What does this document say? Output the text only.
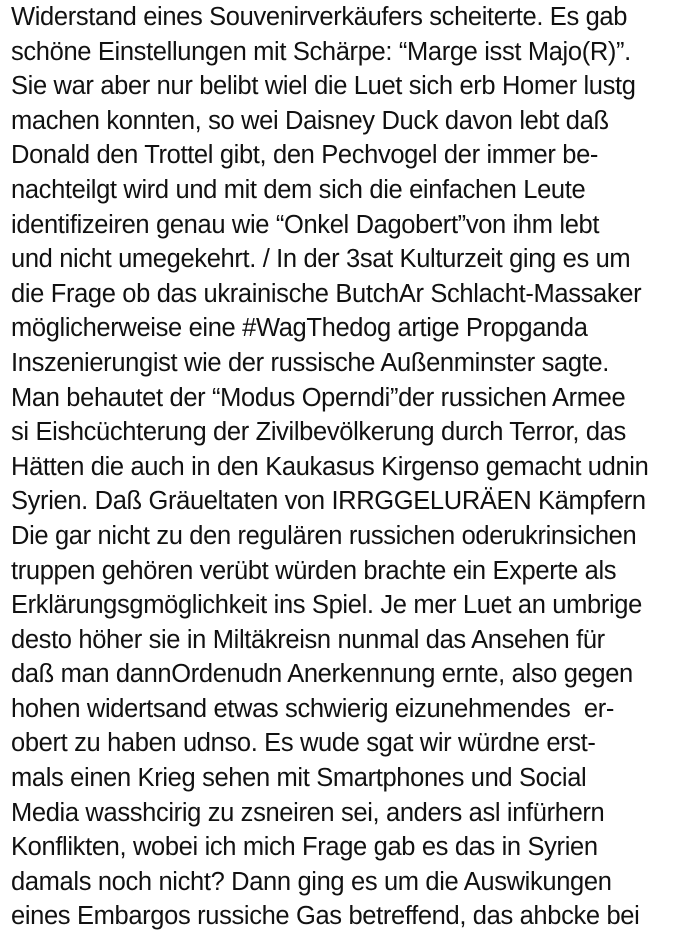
Widerstand eines Souvenirverkäufers scheiterte. Es gab
schöne Einstellungen mit Schärpe: “Marge isst Majo(R)”.
Sie war aber nur belibt wiel die Luet sich erb Homer lustg
machen konnten, so wei Daisney Duck davon lebt daß
Donald den Trottel gibt, den Pechvogel der immer be-
nachteilgt wird und mit dem sich die einfachen Leute
identifizeiren genau wie “Onkel Dagobert”von ihm lebt
und nicht umegekehrt. / In der 3sat Kulturzeit ging es um
die Frage ob das ukrainische ButchAr Schlacht-Massaker
möglicherweise eine #WagThedog artige Propganda
Inszenierungist wie der russische Außenminster sagte.
Man behautet der “Modus Operndi”der russichen Armee
si Eishcüchterung der Zivilbevölkerung durch Terror, das
Hätten die auch in den Kaukasus Kirgenso gemacht udnin
Syrien. Daß Gräueltaten von IRRGGELURÄEN Kämpfern
Die gar nicht zu den regulären russichen oderukrinsichen
truppen gehören verübt würden brachte ein Experte als
Erklärungsgmöglichkeit ins Spiel. Je mer Luet an umbrige
desto höher sie in Miltäkreisn nunmal das Ansehen für
daß man dannOrdenudn Anerkennung ernte, also gegen
hohen widertsand etwas schwierig eizunehmendes  er-
obert zu haben udnso. Es wude sgat wir würdne erst-
mals einen Krieg sehen mit Smartphones und Social
Media wasshcirig zu zsneiren sei, anders asl infürhern
Konflikten, wobei ich mich Frage gab es das in Syrien
damals noch nicht? Dann ging es um die Auswikungen
eines Embargos russiche Gas betreffend, das ahbcke bei
